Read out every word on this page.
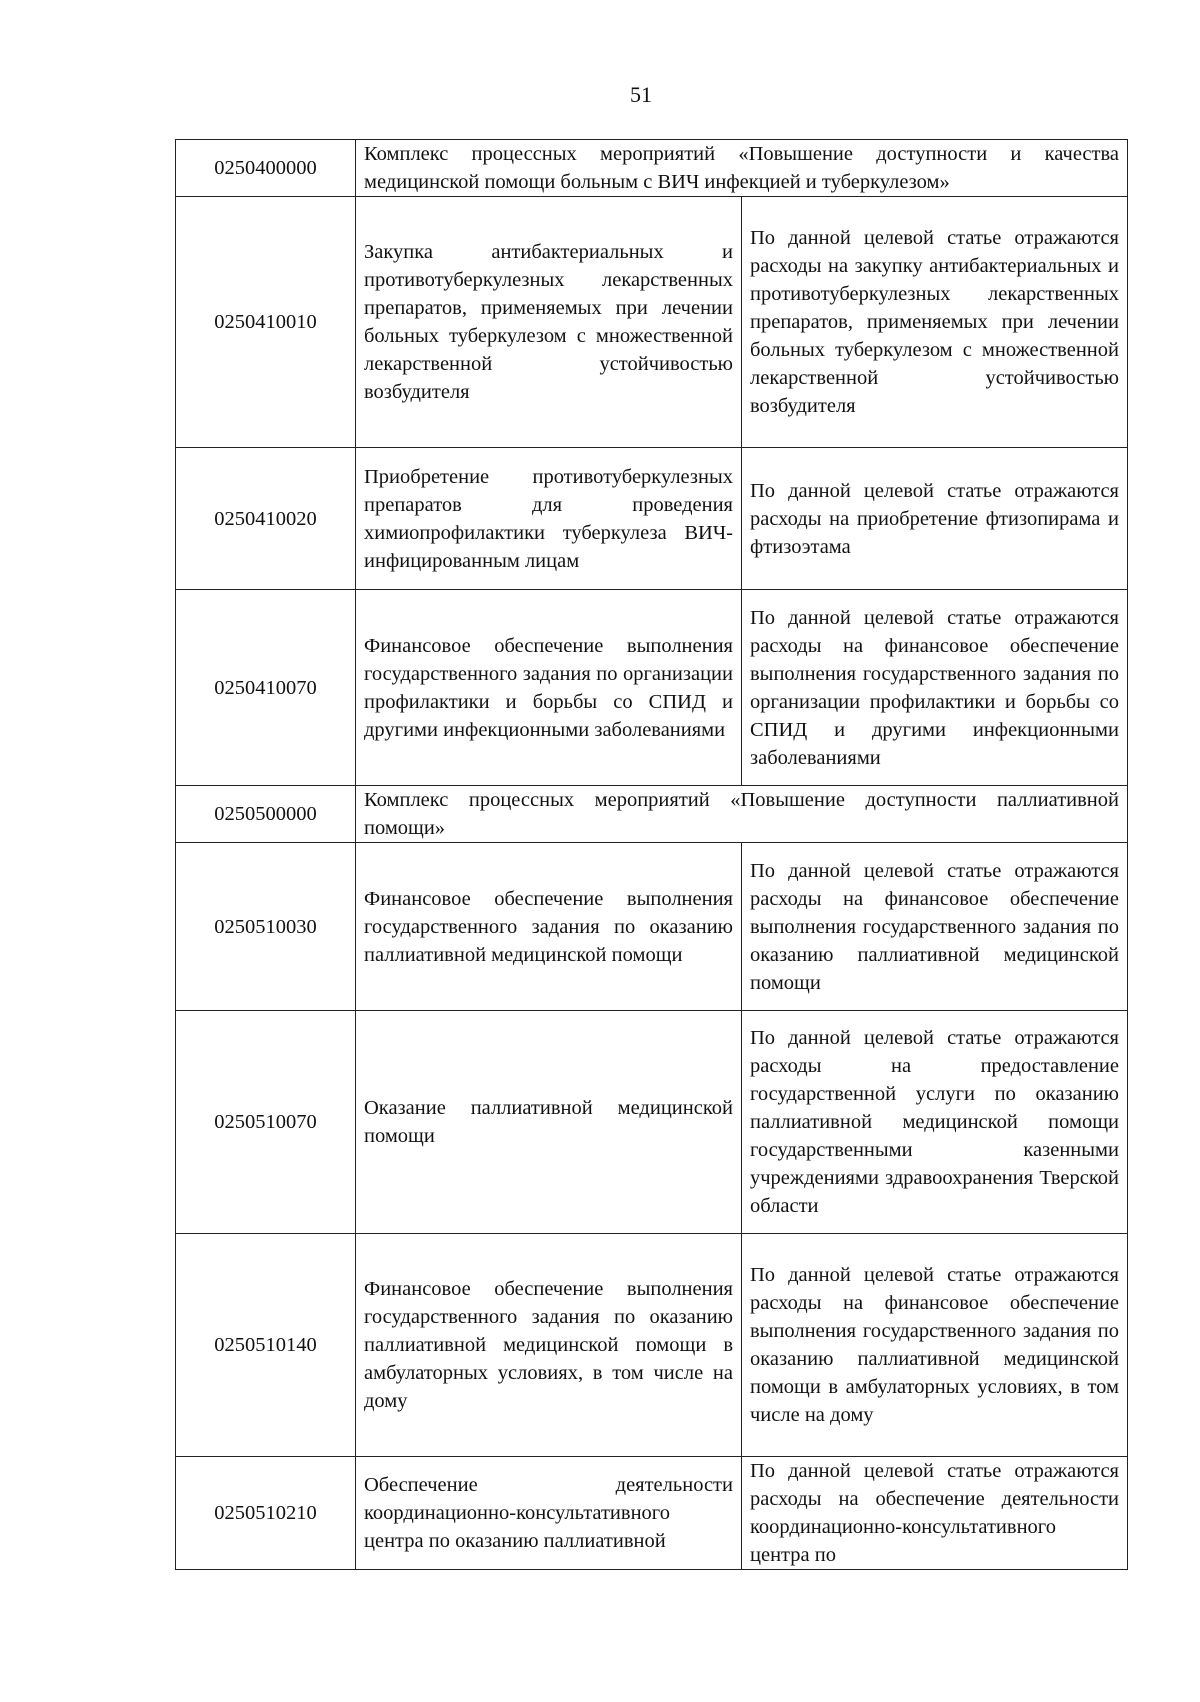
51
0250400000	Комплекс процессных мероприятий «Повышение доступности и качества медицинской помощи больным с ВИЧ инфекцией и туберкулезом»	
0250410010	Закупка антибактериальных и противотуберкулезных лекарственных препаратов, применяемых при лечении больных туберкулезом с множественной лекарственной устойчивостью возбудителя	По данной целевой статье отражаются расходы на закупку антибактериальных и противотуберкулезных лекарственных препаратов, применяемых при лечении больных туберкулезом с множественной лекарственной устойчивостью возбудителя
0250410020	Приобретение противотуберкулезных препаратов для проведения химиопрофилактики туберкулеза ВИЧ-инфицированным лицам	По данной целевой статье отражаются расходы на приобретение фтизопирама и фтизоэтама
0250410070	Финансовое обеспечение выполнения государственного задания по организации профилактики и борьбы со СПИД и другими инфекционными заболеваниями	По данной целевой статье отражаются расходы на финансовое обеспечение выполнения государственного задания по организации профилактики и борьбы со СПИД и другими инфекционными заболеваниями
0250500000	Комплекс процессных мероприятий «Повышение доступности паллиативной помощи»	
0250510030	Финансовое обеспечение выполнения государственного задания по оказанию паллиативной медицинской помощи	По данной целевой статье отражаются расходы на финансовое обеспечение выполнения государственного задания по оказанию паллиативной медицинской помощи
0250510070	Оказание паллиативной медицинской помощи	По данной целевой статье отражаются расходы на предоставление государственной услуги по оказанию паллиативной медицинской помощи государственными казенными учреждениями здравоохранения Тверской области
0250510140	Финансовое обеспечение выполнения государственного задания по оказанию паллиативной медицинской помощи в амбулаторных условиях, в том числе на дому	По данной целевой статье отражаются расходы на финансовое обеспечение выполнения государственного задания по оказанию паллиативной медицинской помощи в амбулаторных условиях, в том числе на дому
0250510210	Обеспечение деятельности координационно-консультативного центра по оказанию паллиативной	По данной целевой статье отражаются расходы на обеспечение деятельности координационно-консультативного центра по
